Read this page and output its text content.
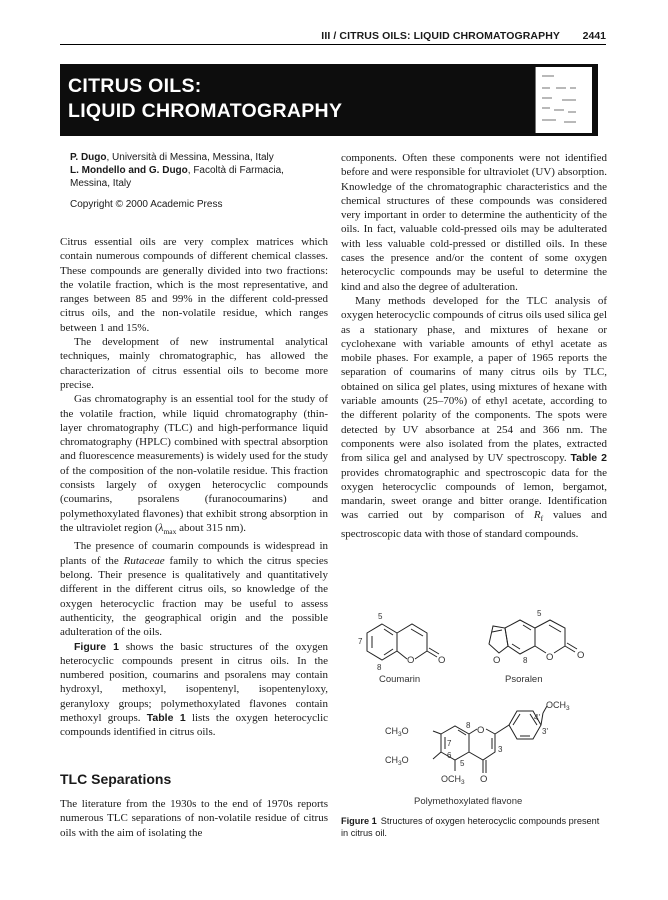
III / CITRUS OILS: LIQUID CHROMATOGRAPHY 2441
CITRUS OILS:
LIQUID CHROMATOGRAPHY

P. Dugo, Università di Messina, Messina, Italy

L. Mondello and G. Dugo, Facoltà di Farmacia, Messina, Italy

Copyright © 2000 Academic Press

Citrus essential oils are very complex matrices which contain numerous compounds of different chemical classes. These compounds are generally divided into two fractions: the volatile fraction, which is the most representative, and ranges between 85 and 99% in the different cold-pressed citrus oils, and the non-volatile residue, which ranges between 1 and 15%.

The development of new instrumental analytical techniques, mainly chromatographic, has allowed the characterization of citrus essential oils to become more precise.

Gas chromatography is an essential tool for the study of the volatile fraction, while liquid chromatography (thin-layer chromatography (TLC) and high-performance liquid chromatography (HPLC) combined with spectral absorption and fluorescence measurements) is widely used for the study of the composition of the non-volatile residue. This fraction consists largely of oxygen heterocyclic compounds (coumarins, psoralens (furanocoumarins) and polymethoxylated flavones) that exhibit strong absorption in the ultraviolet region ($\lambda_{max}$ about 315 nm).

The presence of coumarin compounds is widespread in plants of the Rutaceae family to which the citrus species belong. Their presence is qualitatively and quantitatively different in the different citrus oils, so knowledge of the oxygen heterocyclic fraction may be useful to assess authenticity, the geographical origin and the possible adulteration of the oils.

Figure 1 shows the basic structures of the oxygen heterocyclic compounds present in citrus oils. In the numbered position, coumarins and psoralens may contain hydroxyl, methoxyl, isopentenyl, isopentenyloxy, geranyloxy groups; polymethoxylated flavones contain methoxyl groups. Table 1 lists the oxygen heterocyclic compounds identified in citrus oils.

TLC Separations

The literature from the 1930s to the end of 1970s reports numerous TLC separations of non-volatile residue of citrus oils with the aim of isolating the

components. Often these components were not identified before and were responsible for ultraviolet (UV) absorption. Knowledge of the chromatographic characteristics and the chemical structures of these compounds was considered very important in order to determine the authenticity of the oils. In fact, valuable cold-pressed oils may be adulterated with less valuable cold-pressed or distilled oils. In these cases the presence and/or the content of some oxygen heterocyclic compounds may be useful to determine the kind and also the degree of adulteration.

Many methods developed for the TLC analysis of oxygen heterocyclic compounds of citrus oils used silica gel as a stationary phase, and mixtures of hexane or cyclohexane with variable amounts of ethyl acetate as mobile phases. For example, a paper of 1965 reports the separation of coumarins of many citrus oils by TLC, obtained on silica gel plates, using mixtures of hexane with variable amounts (25–70%) of ethyl acetate, according to the different polarity of the components. The spots were detected by UV absorbance at 254 and 366 nm. The components were also isolated from the plates, extracted from silica gel and analysed by UV spectroscopy. Table 2 provides chromatographic and spectroscopic data for the oxygen heterocyclic compounds of lemon, bergamot, mandarin, sweet orange and bitter orange. Identification was carried out by comparison of $R_f$ values and spectroscopic data with those of standard compounds.

5
7
8
O O
Coumarin
5
8
O	O O
Psoralen
O
8
7
6
5
3
3'
4'
$OCH_3$
$CH_3O$
$CH_3O$
$OCH_3$ O
Polymethoxylated flavone
Figure 1 Structures of oxygen heterocyclic compounds present in citrus oil.
